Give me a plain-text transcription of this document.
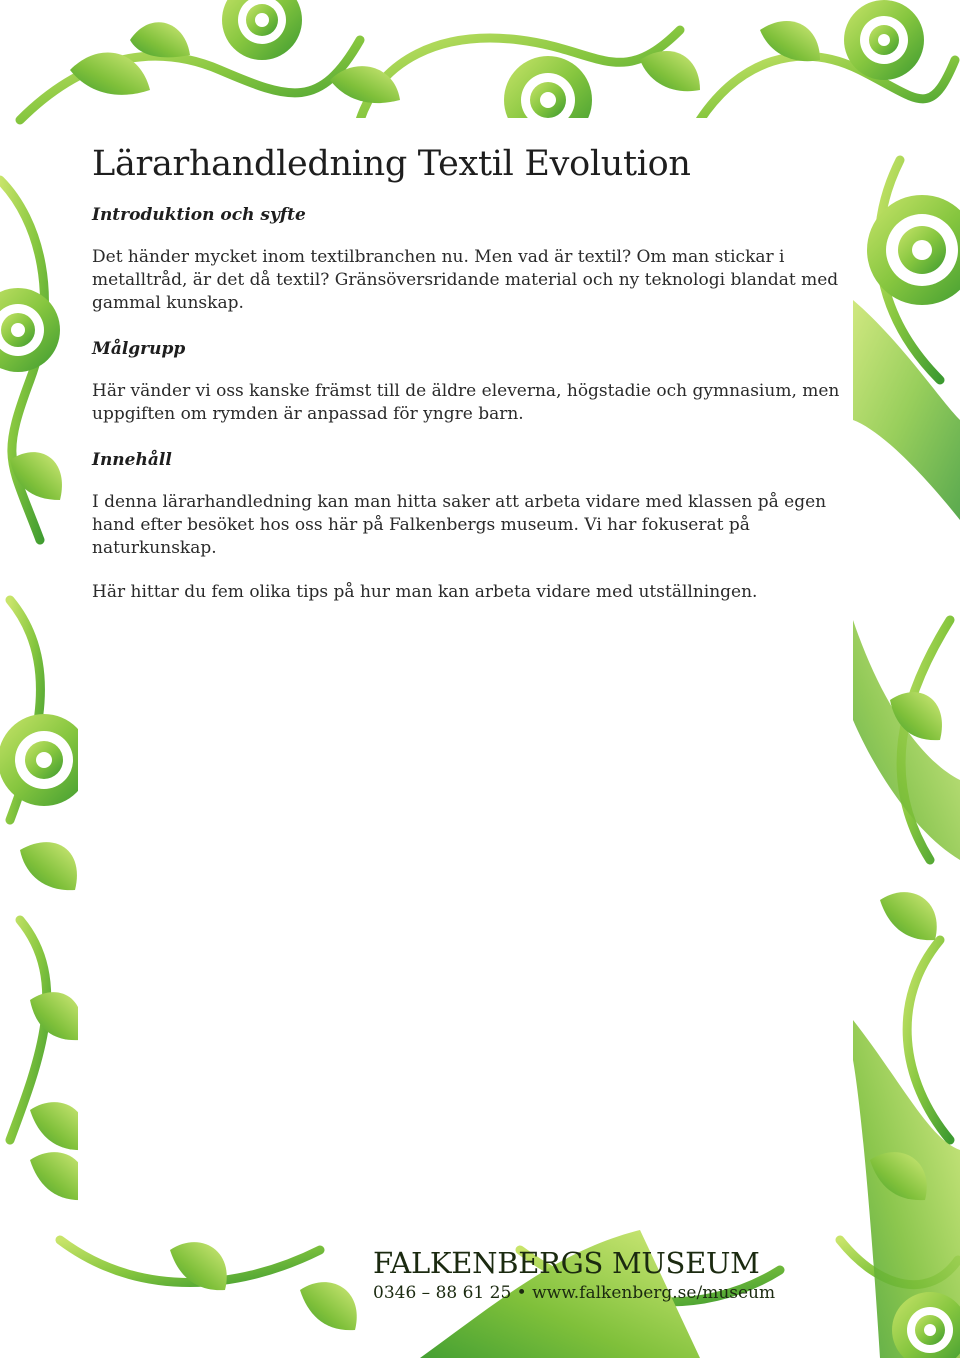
Lärarhandledning Textil Evolution
Introduktion och syfte

Det händer mycket inom textilbranchen nu. Men vad är textil? Om man stickar i metalltråd, är det då textil? Gränsöversridande material och ny teknologi blandat med gammal kunskap.

Målgrupp

Här vänder vi oss kanske främst till de äldre eleverna, högstadie och gymnasium, men uppgiften om rymden är anpassad för yngre barn.

Innehåll

I denna lärarhandledning kan man hitta saker att arbeta vidare med klassen på egen hand efter besöket hos oss här på Falkenbergs museum. Vi har fokuserat på naturkunskap.

Här hittar du fem olika tips på hur man kan arbeta vidare med utställningen.

FALKENBERGS MUSEUM
0346 – 88 61 25 • www.falkenberg.se/museum
